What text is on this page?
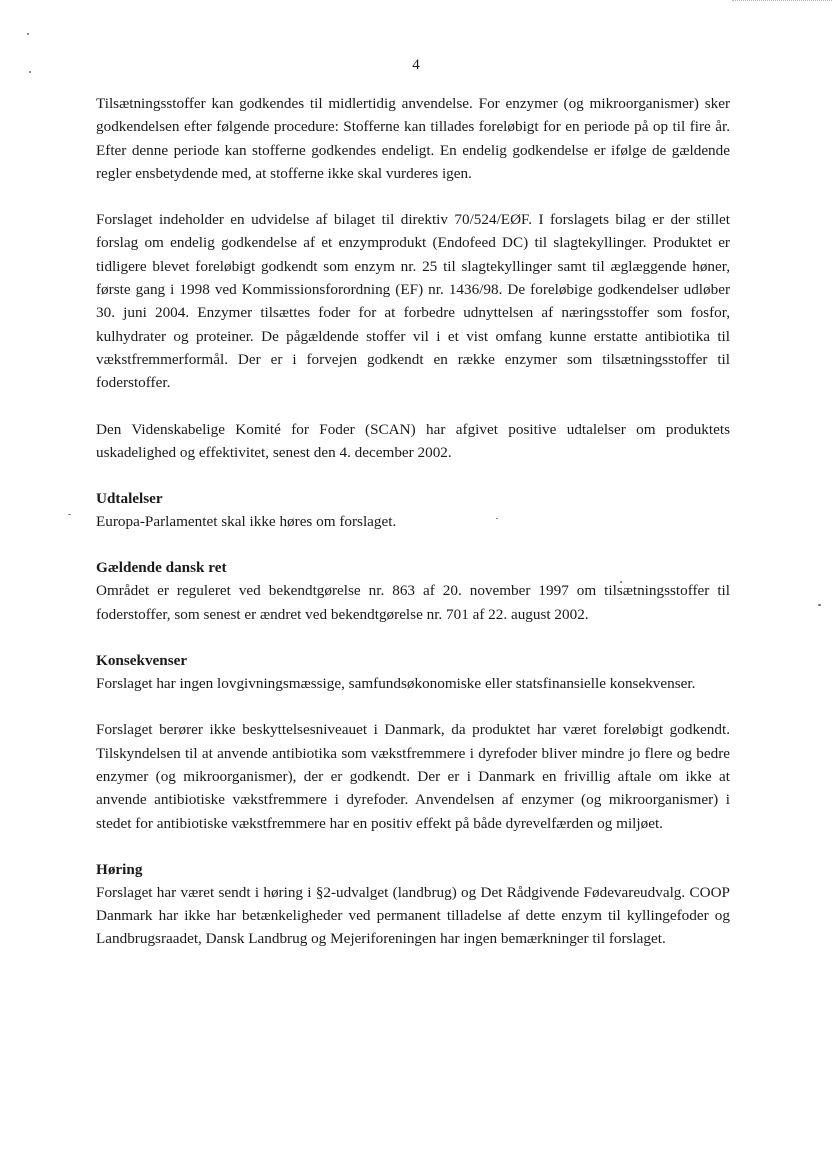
4

Tilsætningsstoffer kan godkendes til midlertidig anvendelse. For enzymer (og mikroorganismer) sker godkendelsen efter følgende procedure: Stofferne kan tillades foreløbigt for en periode på op til fire år. Efter denne periode kan stofferne godkendes endeligt. En endelig godkendelse er ifølge de gældende regler ensbetydende med, at stofferne ikke skal vurderes igen.

Forslaget indeholder en udvidelse af bilaget til direktiv 70/524/EØF. I forslagets bilag er der stillet forslag om endelig godkendelse af et enzymprodukt (Endofeed DC) til slagtekyllinger. Produktet er tidligere blevet foreløbigt godkendt som enzym nr. 25 til slagtekyllinger samt til æglæggende høner, første gang i 1998 ved Kommissionsforordning (EF) nr. 1436/98. De foreløbige godkendelser udløber 30. juni 2004. Enzymer tilsættes foder for at forbedre udnyttelsen af næringsstoffer som fosfor, kulhydrater og proteiner. De pågældende stoffer vil i et vist omfang kunne erstatte antibiotika til vækstfremmerformål. Der er i forvejen godkendt en række enzymer som tilsætningsstoffer til foderstoffer.

Den Videnskabelige Komité for Foder (SCAN) har afgivet positive udtalelser om produktets uskadelighed og effektivitet, senest den 4. december 2002.

Udtalelser

Europa-Parlamentet skal ikke høres om forslaget.

Gældende dansk ret

Området er reguleret ved bekendtgørelse nr. 863 af 20. november 1997 om tilsætningsstoffer til foderstoffer, som senest er ændret ved bekendtgørelse nr. 701 af 22. august 2002.

Konsekvenser

Forslaget har ingen lovgivningsmæssige, samfundsøkonomiske eller statsfinansielle konsekvenser.

Forslaget berører ikke beskyttelsesniveauet i Danmark, da produktet har været foreløbigt godkendt. Tilskyndelsen til at anvende antibiotika som vækstfremmere i dyrefoder bliver mindre jo flere og bedre enzymer (og mikroorganismer), der er godkendt. Der er i Danmark en frivillig aftale om ikke at anvende antibiotiske vækstfremmere i dyrefoder. Anvendelsen af enzymer (og mikroorganismer) i stedet for antibiotiske vækstfremmere har en positiv effekt på både dyrevelfærden og miljøet.

Høring

Forslaget har været sendt i høring i §2-udvalget (landbrug) og Det Rådgivende Fødevareudvalg. COOP Danmark har ikke har betænkeligheder ved permanent tilladelse af dette enzym til kyllingefoder og Landbrugsraadet, Dansk Landbrug og Mejeriforeningen har ingen bemærkninger til forslaget.
